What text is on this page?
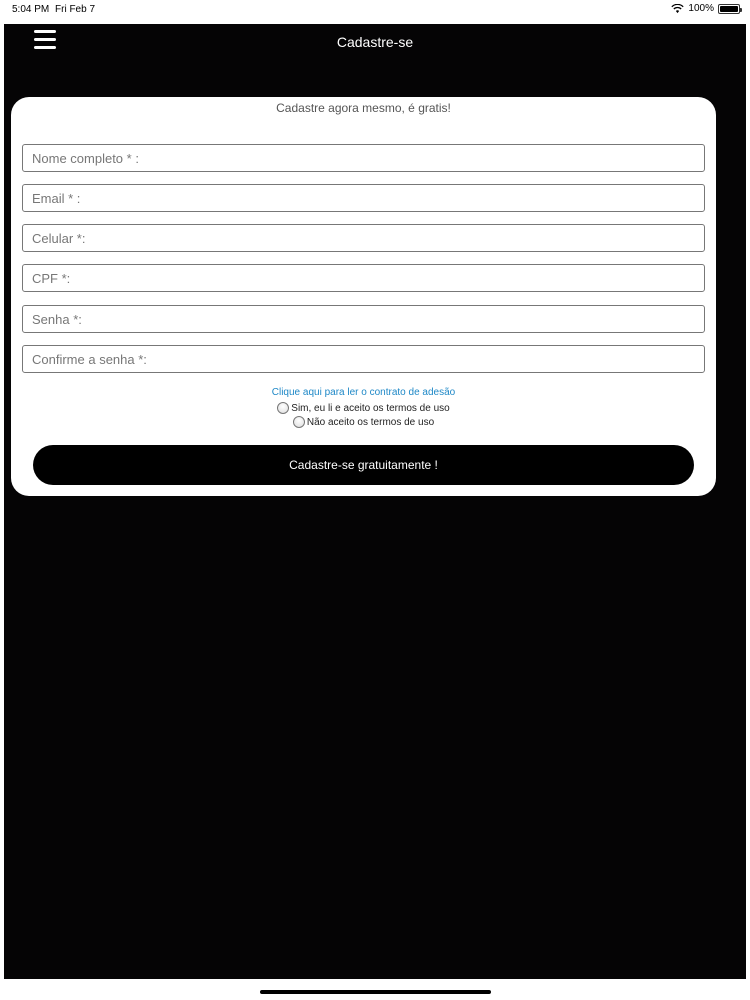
5:04 PM Fri Feb 7	100%
Cadastre-se
Cadastre agora mesmo, é gratis!
Nome completo * :
Email * :
Celular *:
CPF *:
Clique aqui para ler o contrato de adesão
Sim, eu li e aceito os termos de uso
Não aceito os termos de uso
Cadastre-se gratuitamente !
